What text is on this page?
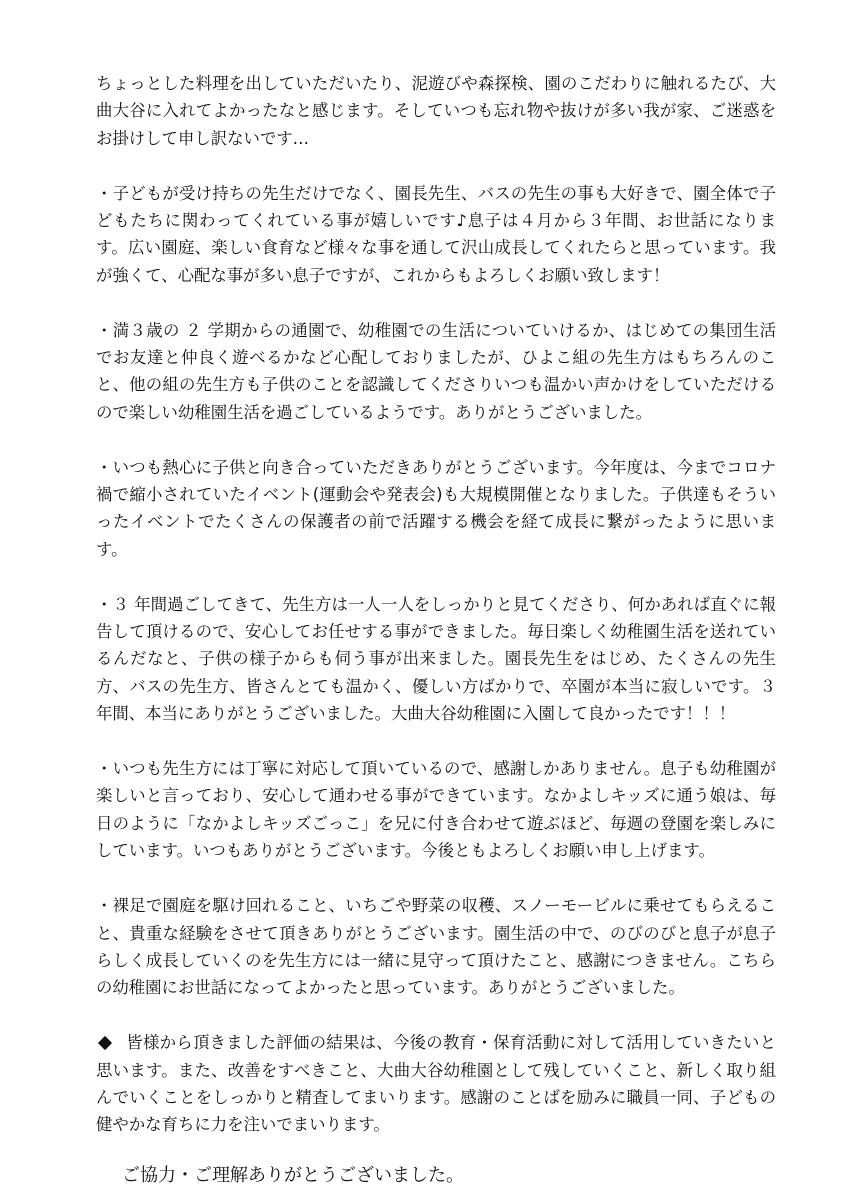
ちょっとした料理を出していただいたり、泥遊びや森探検、園のこだわりに触れるたび、大曲大谷に入れてよかったなと感じます。そしていつも忘れ物や抜けが多い我が家、ご迷惑をお掛けして申し訳ないです…

・子どもが受け持ちの先生だけでなく、園長先生、バスの先生の事も大好きで、園全体で子どもたちに関わってくれている事が嬉しいです♪息子は４月から３年間、お世話になります。広い園庭、楽しい食育など様々な事を通して沢山成長してくれたらと思っています。我が強くて、心配な事が多い息子ですが、これからもよろしくお願い致します！

・満３歳の ２ 学期からの通園で、幼稚園での生活についていけるか、はじめての集団生活でお友達と仲良く遊べるかなど心配しておりましたが、ひよこ組の先生方はもちろんのこと、他の組の先生方も子供のことを認識してくださりいつも温かい声かけをしていただけるので楽しい幼稚園生活を過ごしているようです。ありがとうございました。

・いつも熱心に子供と向き合っていただきありがとうございます。今年度は、今までコロナ禍で縮小されていたイベント(運動会や発表会)も大規模開催となりました。子供達もそういったイベントでたくさんの保護者の前で活躍する機会を経て成長に繋がったように思います。

・３ 年間過ごしてきて、先生方は一人一人をしっかりと見てくださり、何かあれば直ぐに報告して頂けるので、安心してお任せする事ができました。毎日楽しく幼稚園生活を送れているんだなと、子供の様子からも伺う事が出来ました。園長先生をはじめ、たくさんの先生方、バスの先生方、皆さんとても温かく、優しい方ばかりで、卒園が本当に寂しいです。３ 年間、本当にありがとうございました。大曲大谷幼稚園に入園して良かったです！！！

・いつも先生方には丁寧に対応して頂いているので、感謝しかありません。息子も幼稚園が楽しいと言っており、安心して通わせる事ができています。なかよしキッズに通う娘は、毎日のように「なかよしキッズごっこ」を兄に付き合わせて遊ぶほど、毎週の登園を楽しみにしています。いつもありがとうございます。今後ともよろしくお願い申し上げます。

・裸足で園庭を駆け回れること、いちごや野菜の収穫、スノーモービルに乗せてもらえること、貴重な経験をさせて頂きありがとうございます。園生活の中で、のびのびと息子が息子らしく成長していくのを先生方には一緒に見守って頂けたこと、感謝につきません。こちらの幼稚園にお世話になってよかったと思っています。ありがとうございました。

皆様から頂きました評価の結果は、今後の教育・保育活動に対して活用していきたいと思います。また、改善をすべきこと、大曲大谷幼稚園として残していくこと、新しく取り組んでいくことをしっかりと精査してまいります。感謝のことばを励みに職員一同、子どもの健やかな育ちに力を注いでまいります。

ご協力・ご理解ありがとうございました。
